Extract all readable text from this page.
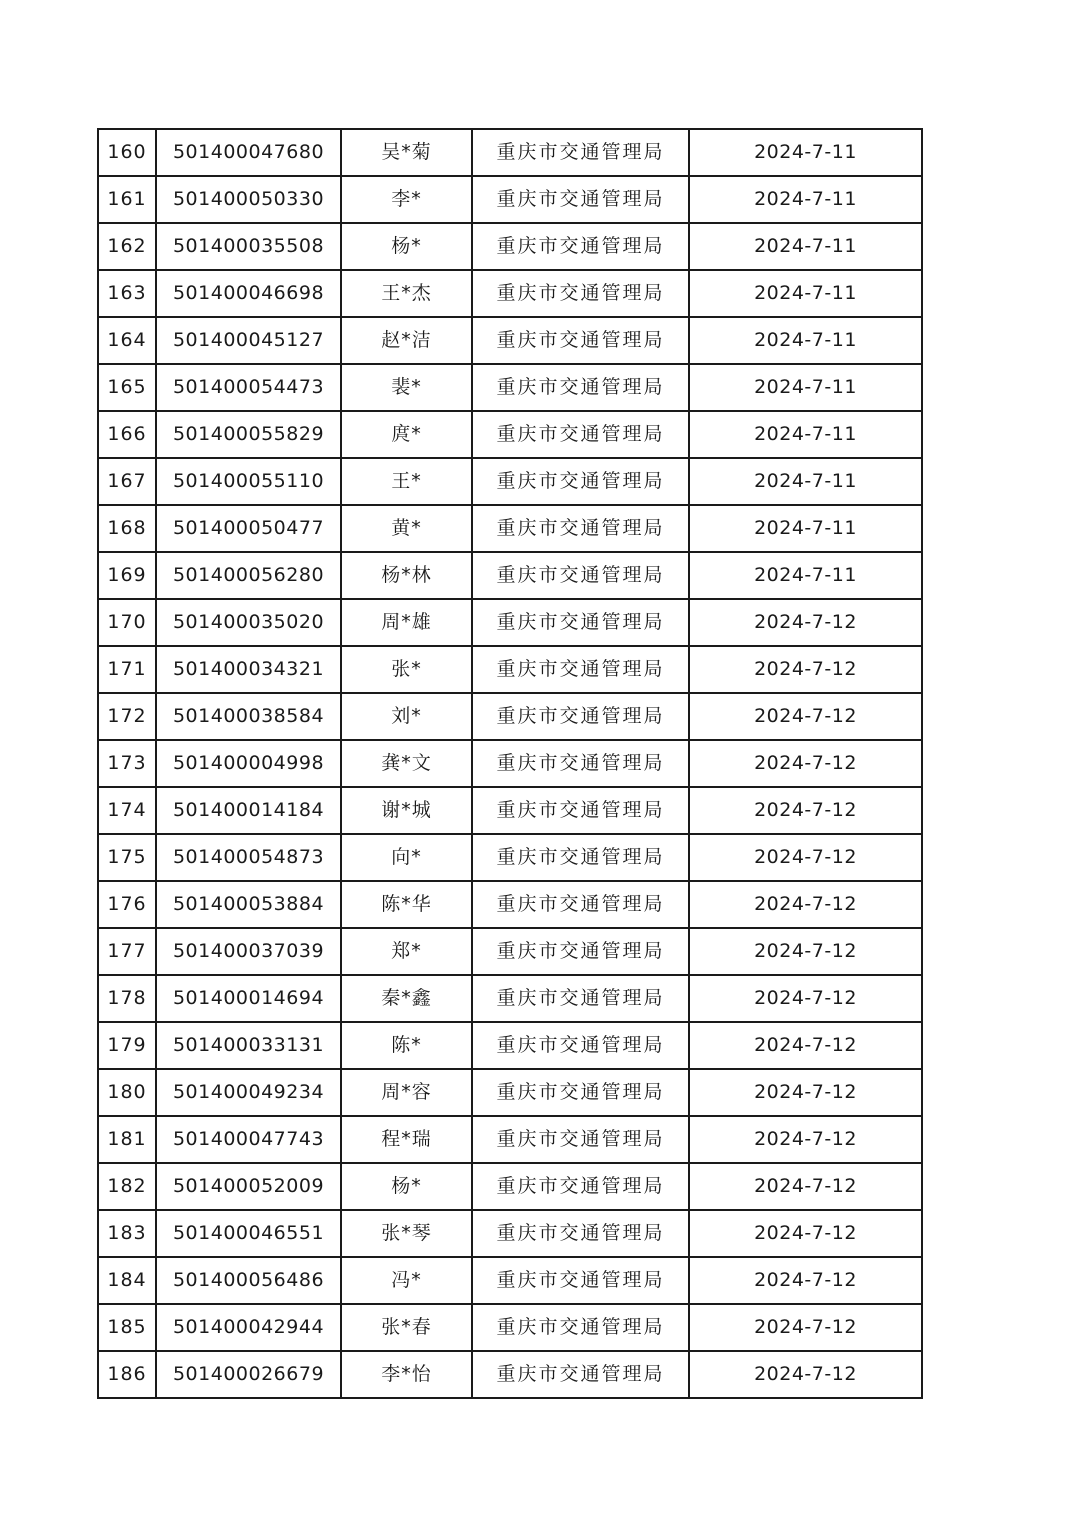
160	501400047680	吴*菊	重庆市交通管理局	2024-7-11
161	501400050330	李*	重庆市交通管理局	2024-7-11
162	501400035508	杨*	重庆市交通管理局	2024-7-11
163	501400046698	王*杰	重庆市交通管理局	2024-7-11
164	501400045127	赵*洁	重庆市交通管理局	2024-7-11
165	501400054473	裴*	重庆市交通管理局	2024-7-11
166	501400055829	庹*	重庆市交通管理局	2024-7-11
167	501400055110	王*	重庆市交通管理局	2024-7-11
168	501400050477	黄*	重庆市交通管理局	2024-7-11
169	501400056280	杨*林	重庆市交通管理局	2024-7-11
170	501400035020	周*雄	重庆市交通管理局	2024-7-12
171	501400034321	张*	重庆市交通管理局	2024-7-12
172	501400038584	刘*	重庆市交通管理局	2024-7-12
173	501400004998	龚*文	重庆市交通管理局	2024-7-12
174	501400014184	谢*城	重庆市交通管理局	2024-7-12
175	501400054873	向*	重庆市交通管理局	2024-7-12
176	501400053884	陈*华	重庆市交通管理局	2024-7-12
177	501400037039	郑*	重庆市交通管理局	2024-7-12
178	501400014694	秦*鑫	重庆市交通管理局	2024-7-12
179	501400033131	陈*	重庆市交通管理局	2024-7-12
180	501400049234	周*容	重庆市交通管理局	2024-7-12
181	501400047743	程*瑞	重庆市交通管理局	2024-7-12
182	501400052009	杨*	重庆市交通管理局	2024-7-12
183	501400046551	张*琴	重庆市交通管理局	2024-7-12
184	501400056486	冯*	重庆市交通管理局	2024-7-12
185	501400042944	张*春	重庆市交通管理局	2024-7-12
186	501400026679	李*怡	重庆市交通管理局	2024-7-12
